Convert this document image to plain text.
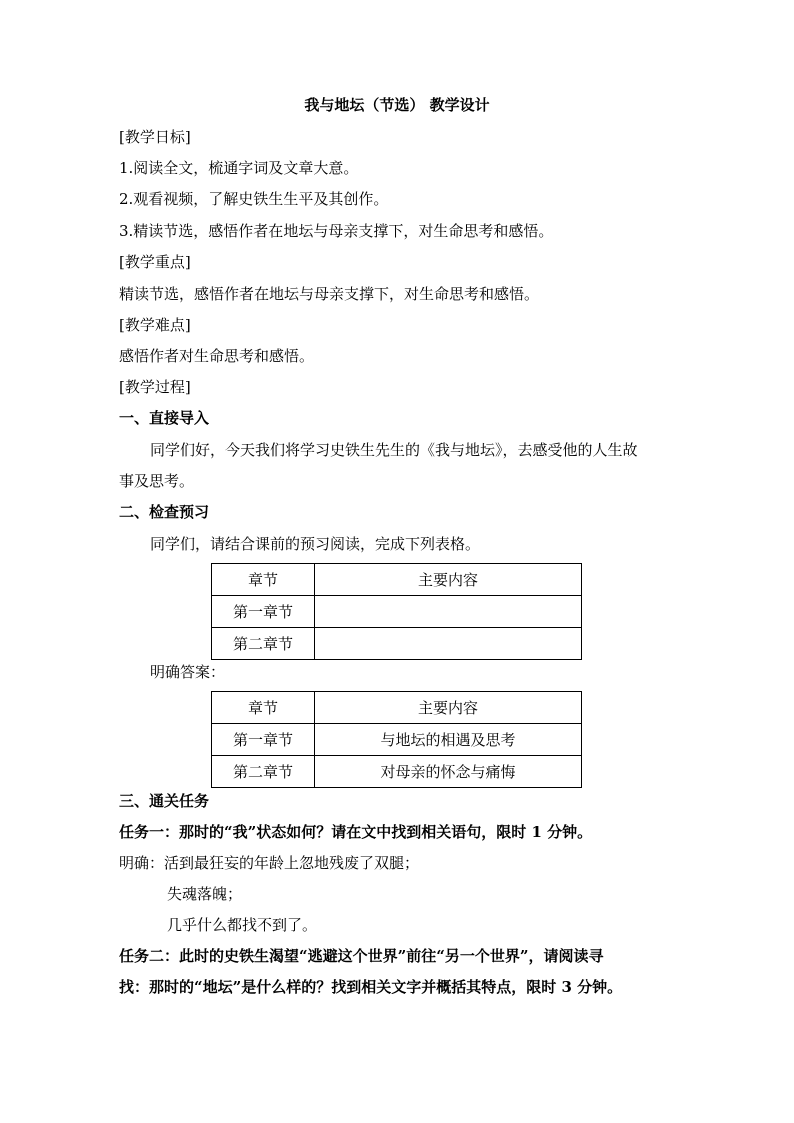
我与地坛（节选） 教学设计
[教学日标]
1.阅读全文，梳通字词及文章大意。
2.观看视频，了解史铁生生平及其创作。
3.精读节选，感悟作者在地坛与母亲支撑下，对生命思考和感悟。
[教学重点]
精读节选，感悟作者在地坛与母亲支撑下，对生命思考和感悟。
[教学难点]
感悟作者对生命思考和感悟。
[教学过程]
一、直接导入
同学们好，今天我们将学习史铁生先生的《我与地坛》，去感受他的人生故
事及思考。
二、检查预习
同学们，请结合课前的预习阅读，完成下列表格。
章节	主要内容
第一章节	
第二章节	
明确答案：
章节	主要内容
第一章节	与地坛的相遇及思考
第二章节	对母亲的怀念与痛悔
三、通关任务
任务一：那时的“我”状态如何？请在文中找到相关语句，限时 1 分钟。
明确：活到最狂妄的年龄上忽地残废了双腿；
失魂落魄；
几乎什么都找不到了。
任务二：此时的史铁生渴望“逃避这个世界”前往“另一个世界”，请阅读寻
找：那时的“地坛”是什么样的？找到相关文字并概括其特点，限时 3 分钟。
